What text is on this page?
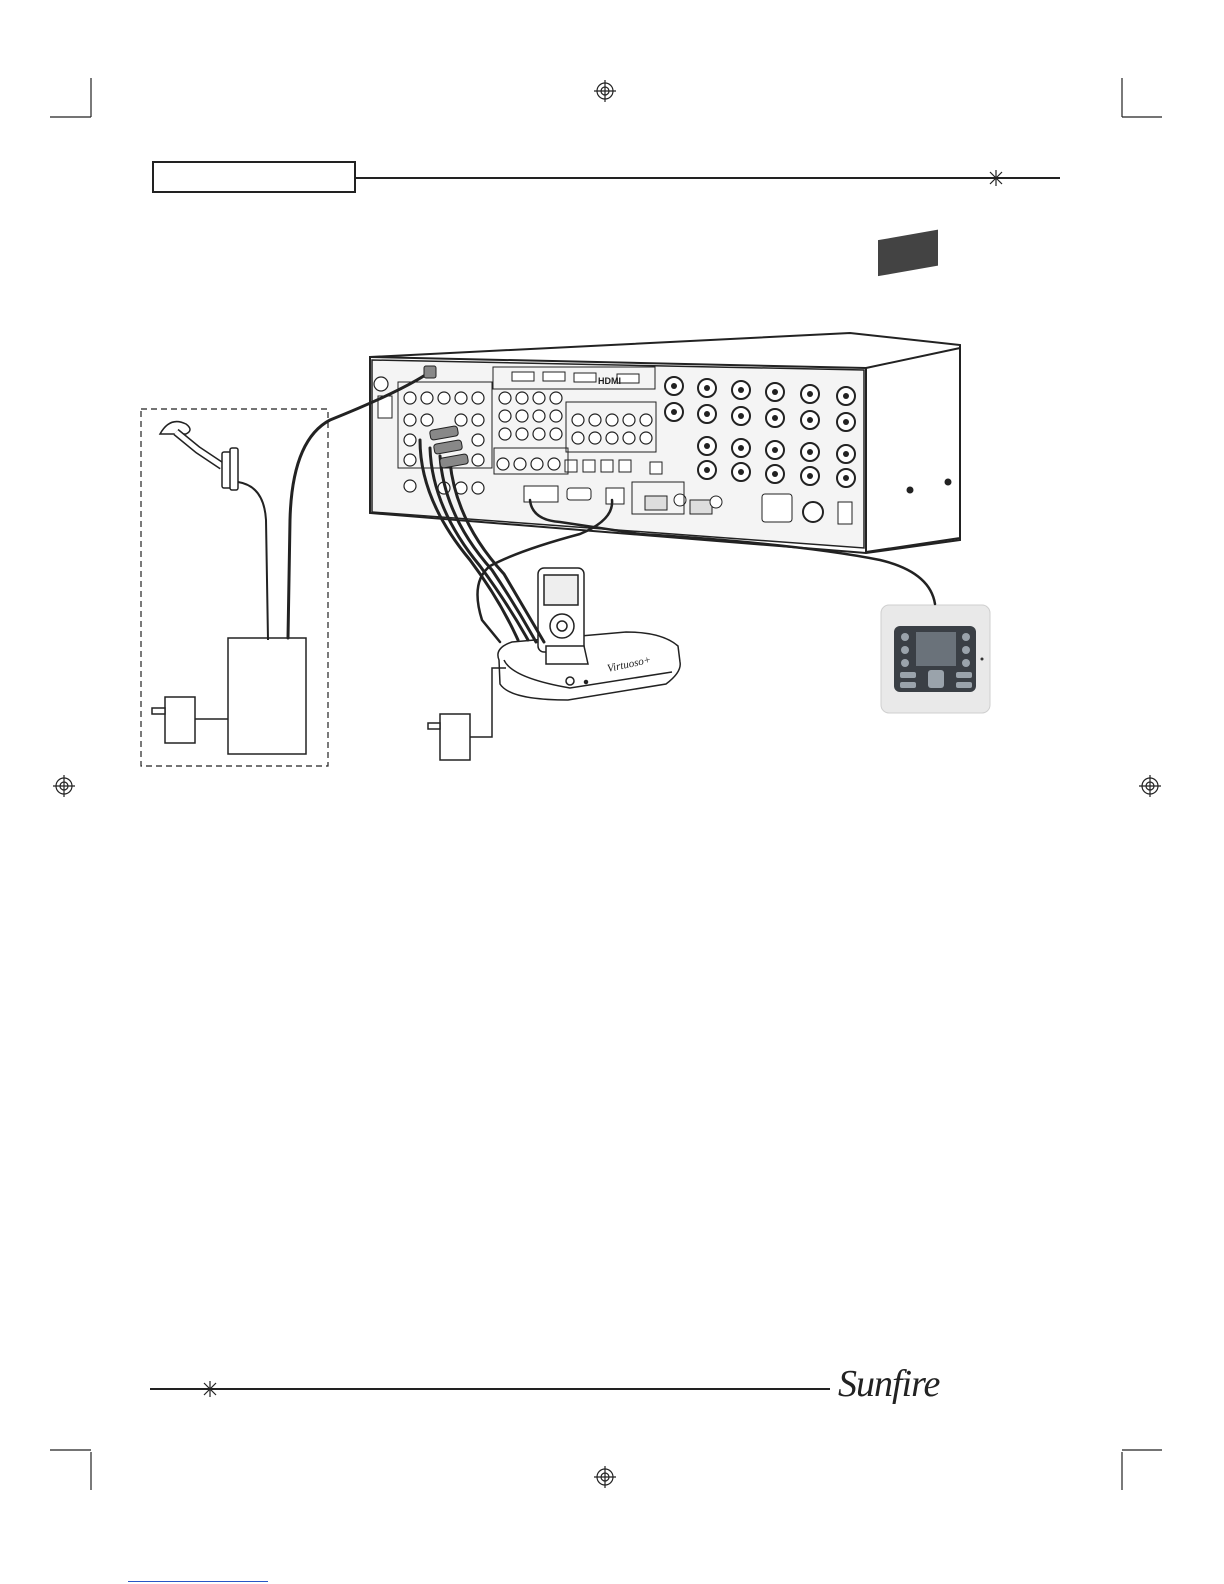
HDMI
Virtuoso+
Sunfire
